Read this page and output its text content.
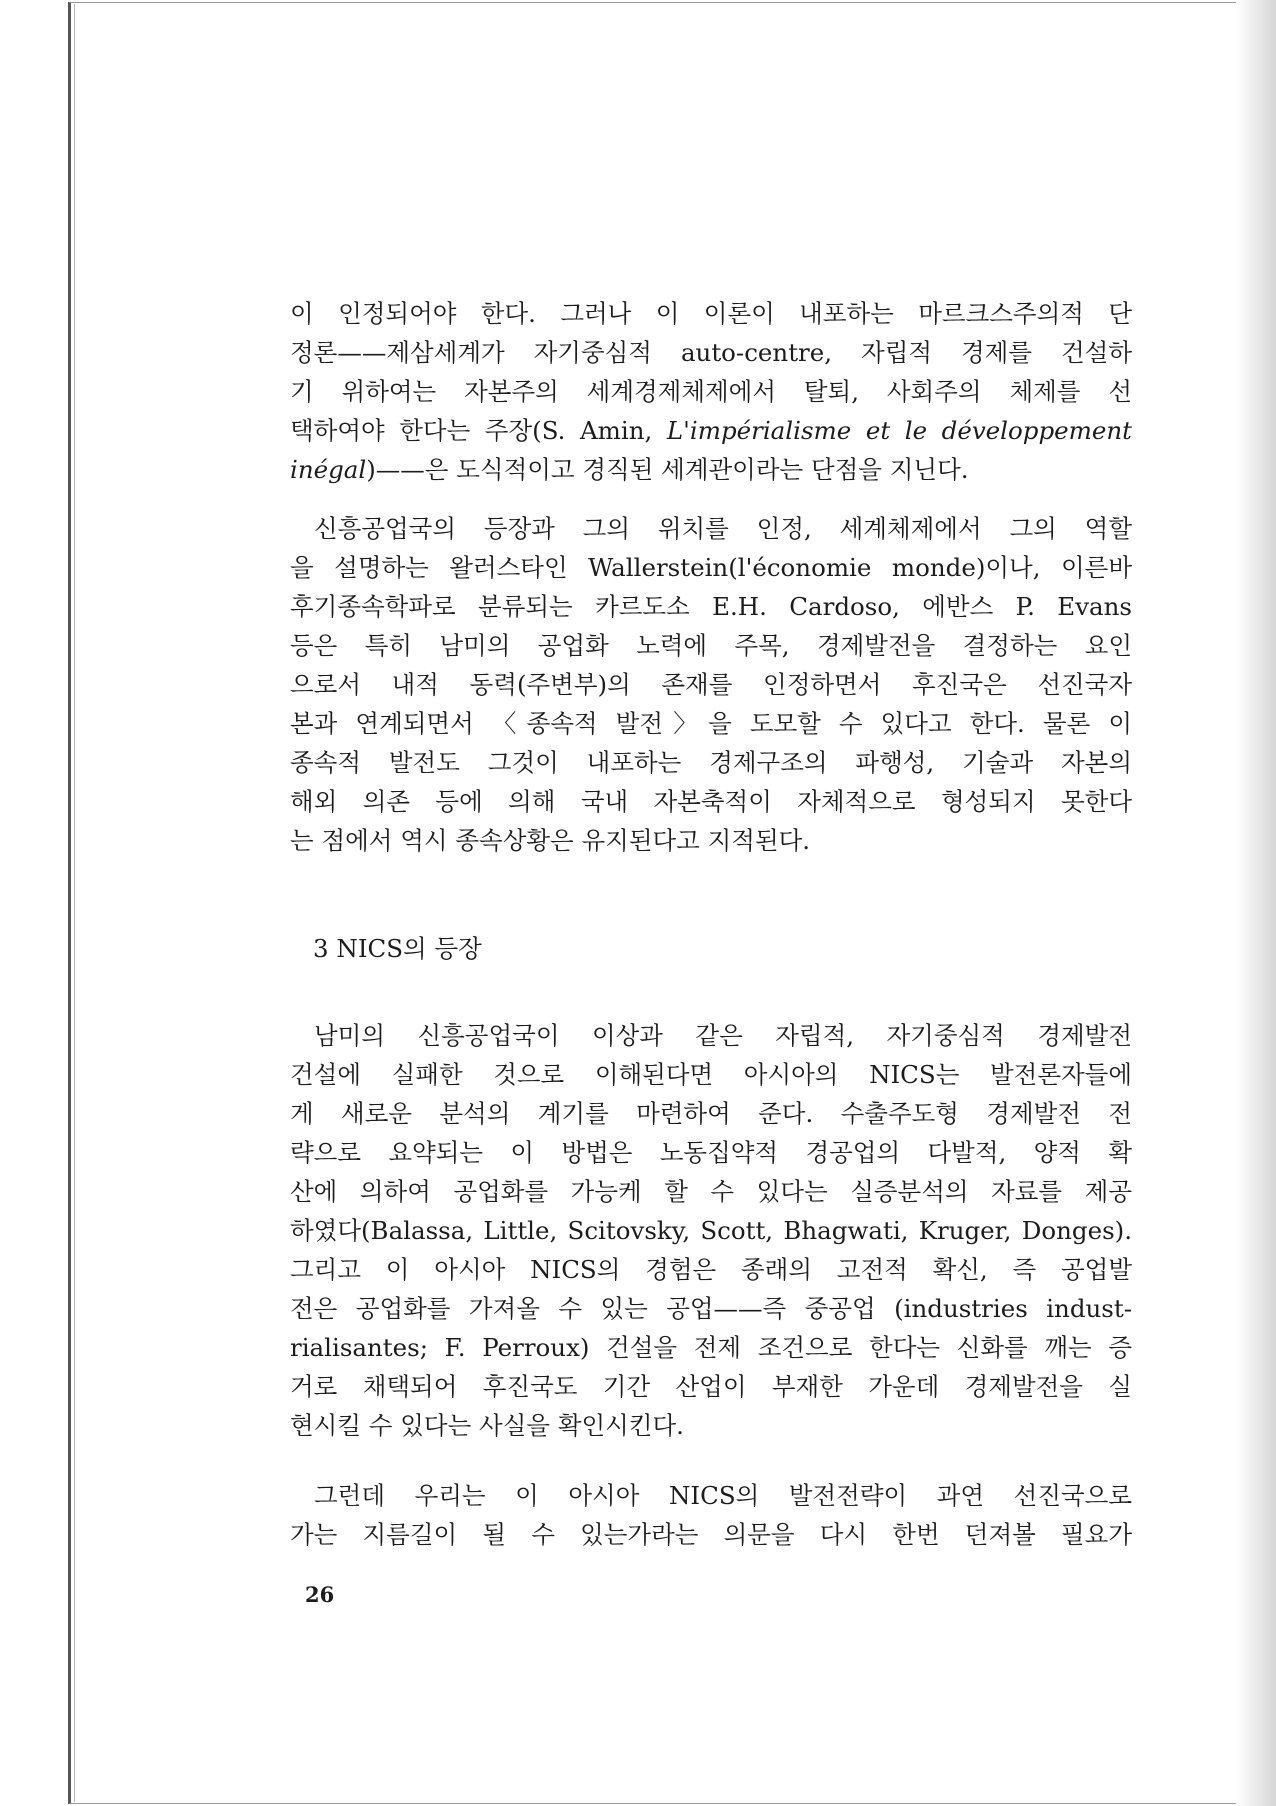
이 인정되어야 한다. 그러나 이 이론이 내포하는 마르크스주의적 단
정론——제삼세계가 자기중심적 auto-centre, 자립적 경제를 건설하
기 위하여는 자본주의 세계경제체제에서 탈퇴, 사회주의 체제를 선
택하여야 한다는 주장(S. Amin, L'impérialisme et le développement
inégal)——은 도식적이고 경직된 세계관이라는 단점을 지닌다.
신흥공업국의 등장과 그의 위치를 인정, 세계체제에서 그의 역할
을 설명하는 왈러스타인 Wallerstein(l'économie monde)이나, 이른바
후기종속학파로 분류되는 카르도소 E.H. Cardoso, 에반스 P. Evans
등은 특히 남미의 공업화 노력에 주목, 경제발전을 결정하는 요인
으로서 내적 동력(주변부)의 존재를 인정하면서 후진국은 선진국자
본과 연계되면서 〈종속적 발전〉을 도모할 수 있다고 한다. 물론 이
종속적 발전도 그것이 내포하는 경제구조의 파행성, 기술과 자본의
해외 의존 등에 의해 국내 자본축적이 자체적으로 형성되지 못한다
는 점에서 역시 종속상황은 유지된다고 지적된다.
3 NICS의 등장
남미의 신흥공업국이 이상과 같은 자립적, 자기중심적 경제발전
건설에 실패한 것으로 이해된다면 아시아의 NICS는 발전론자들에
게 새로운 분석의 계기를 마련하여 준다. 수출주도형 경제발전 전
략으로 요약되는 이 방법은 노동집약적 경공업의 다발적, 양적 확
산에 의하여 공업화를 가능케 할 수 있다는 실증분석의 자료를 제공
하였다(Balassa, Little, Scitovsky, Scott, Bhagwati, Kruger, Donges).
그리고 이 아시아 NICS의 경험은 종래의 고전적 확신, 즉 공업발
전은 공업화를 가져올 수 있는 공업——즉 중공업 (industries indust-
rialisantes; F. Perroux) 건설을 전제 조건으로 한다는 신화를 깨는 증
거로 채택되어 후진국도 기간 산업이 부재한 가운데 경제발전을 실
현시킬 수 있다는 사실을 확인시킨다.
그런데 우리는 이 아시아 NICS의 발전전략이 과연 선진국으로
가는 지름길이 될 수 있는가라는 의문을 다시 한번 던져볼 필요가
26
